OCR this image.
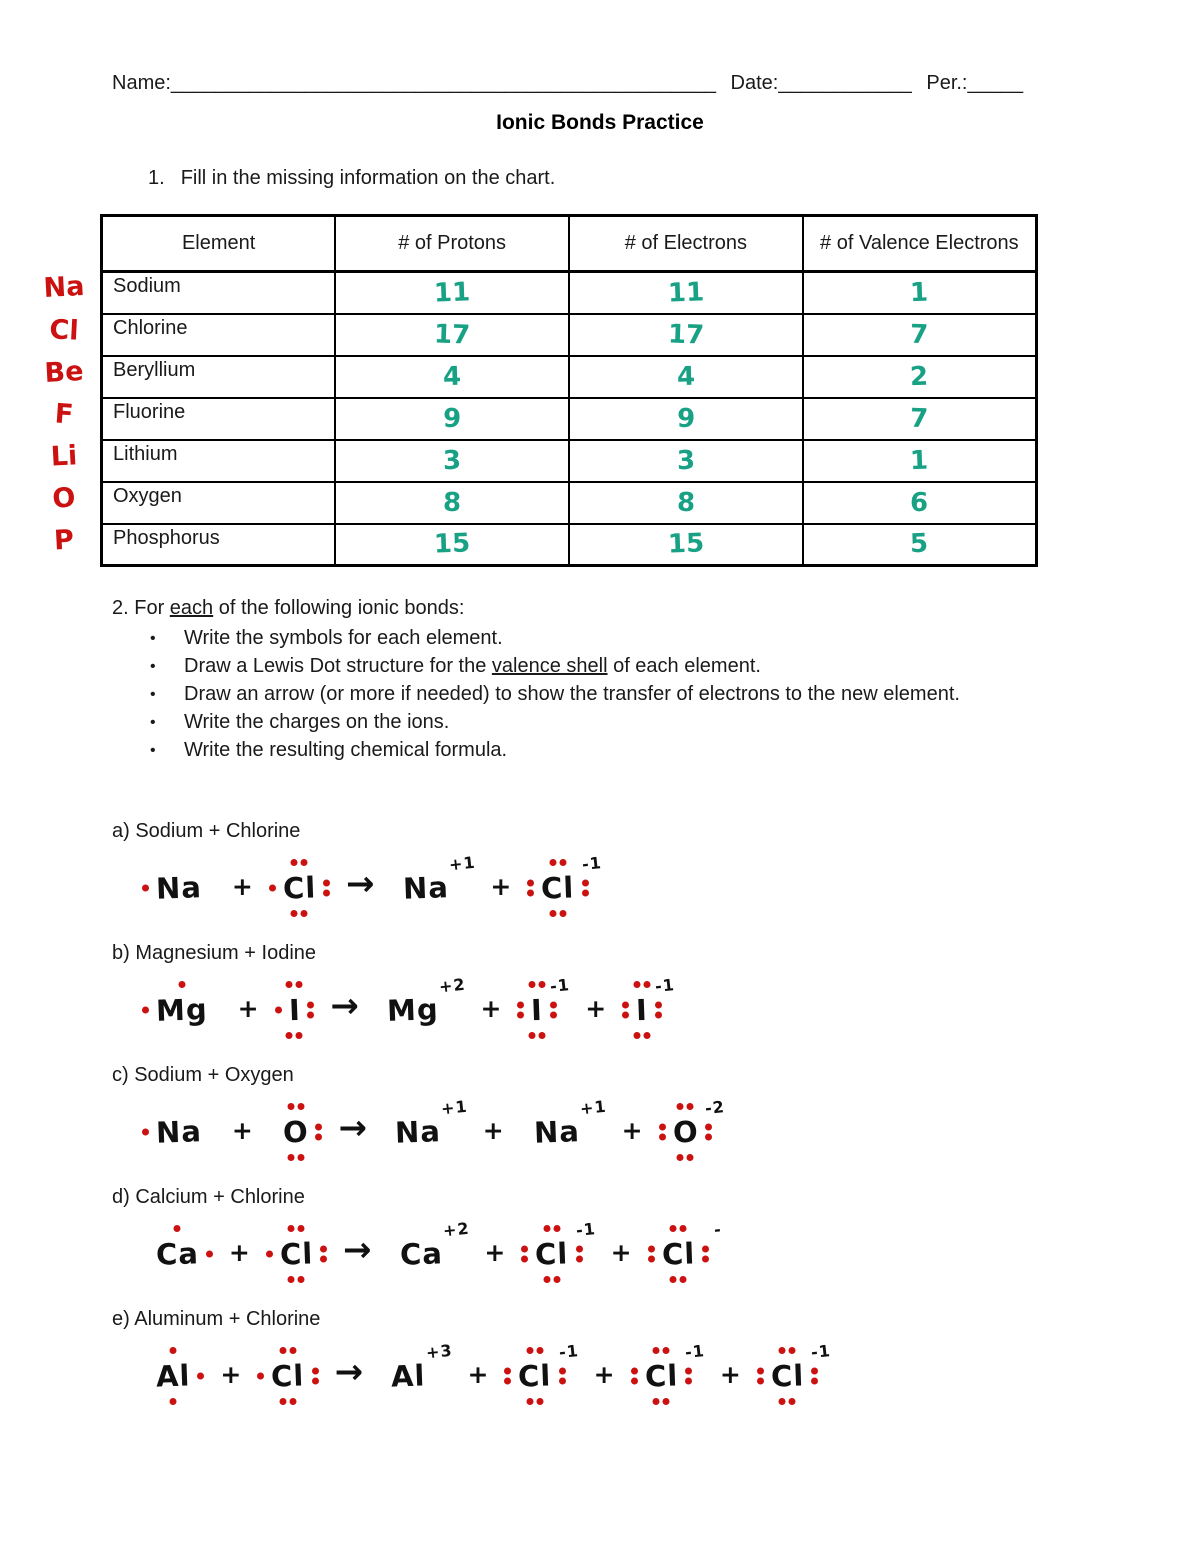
Name:_________________________________________________ Date:____________ Per.:_____
Ionic Bonds Practice
1. Fill in the missing information on the chart.
Na
Cl
Be
F
Li
O
P
Element	# of Protons	# of Electrons	# of Valence Electrons
Sodium	11	11	1
Chlorine	17	17	7
Beryllium	4	4	2
Fluorine	9	9	7
Lithium	3	3	1
Oxygen	8	8	6
Phosphorus	15	15	5
2. For each of the following ionic bonds:
• Write the symbols for each element.
• Draw a Lewis Dot structure for the valence shell of each element.
• Draw an arrow (or more if needed) to show the transfer of electrons to the new element.
• Write the charges on the ions.
• Write the resulting chemical formula.
a) Sodium + Chlorine
Na	+	Cl →	Na
+1
+	Cl
-1
b) Magnesium + Iodine
Mg	+	I →	Mg
+2
+	I
-1
+	I
-1
c) Sodium + Oxygen
Na	+	O →	Na
+1
+	Na
+1
+	O
-2
d) Calcium + Chlorine
Ca	+	Cl →	Ca
+2
+	Cl
-1
+	Cl
-
e) Aluminum + Chlorine
Al	+	Cl →	Al
+3
+	Cl
-1
+	Cl
-1
+	Cl
-1
